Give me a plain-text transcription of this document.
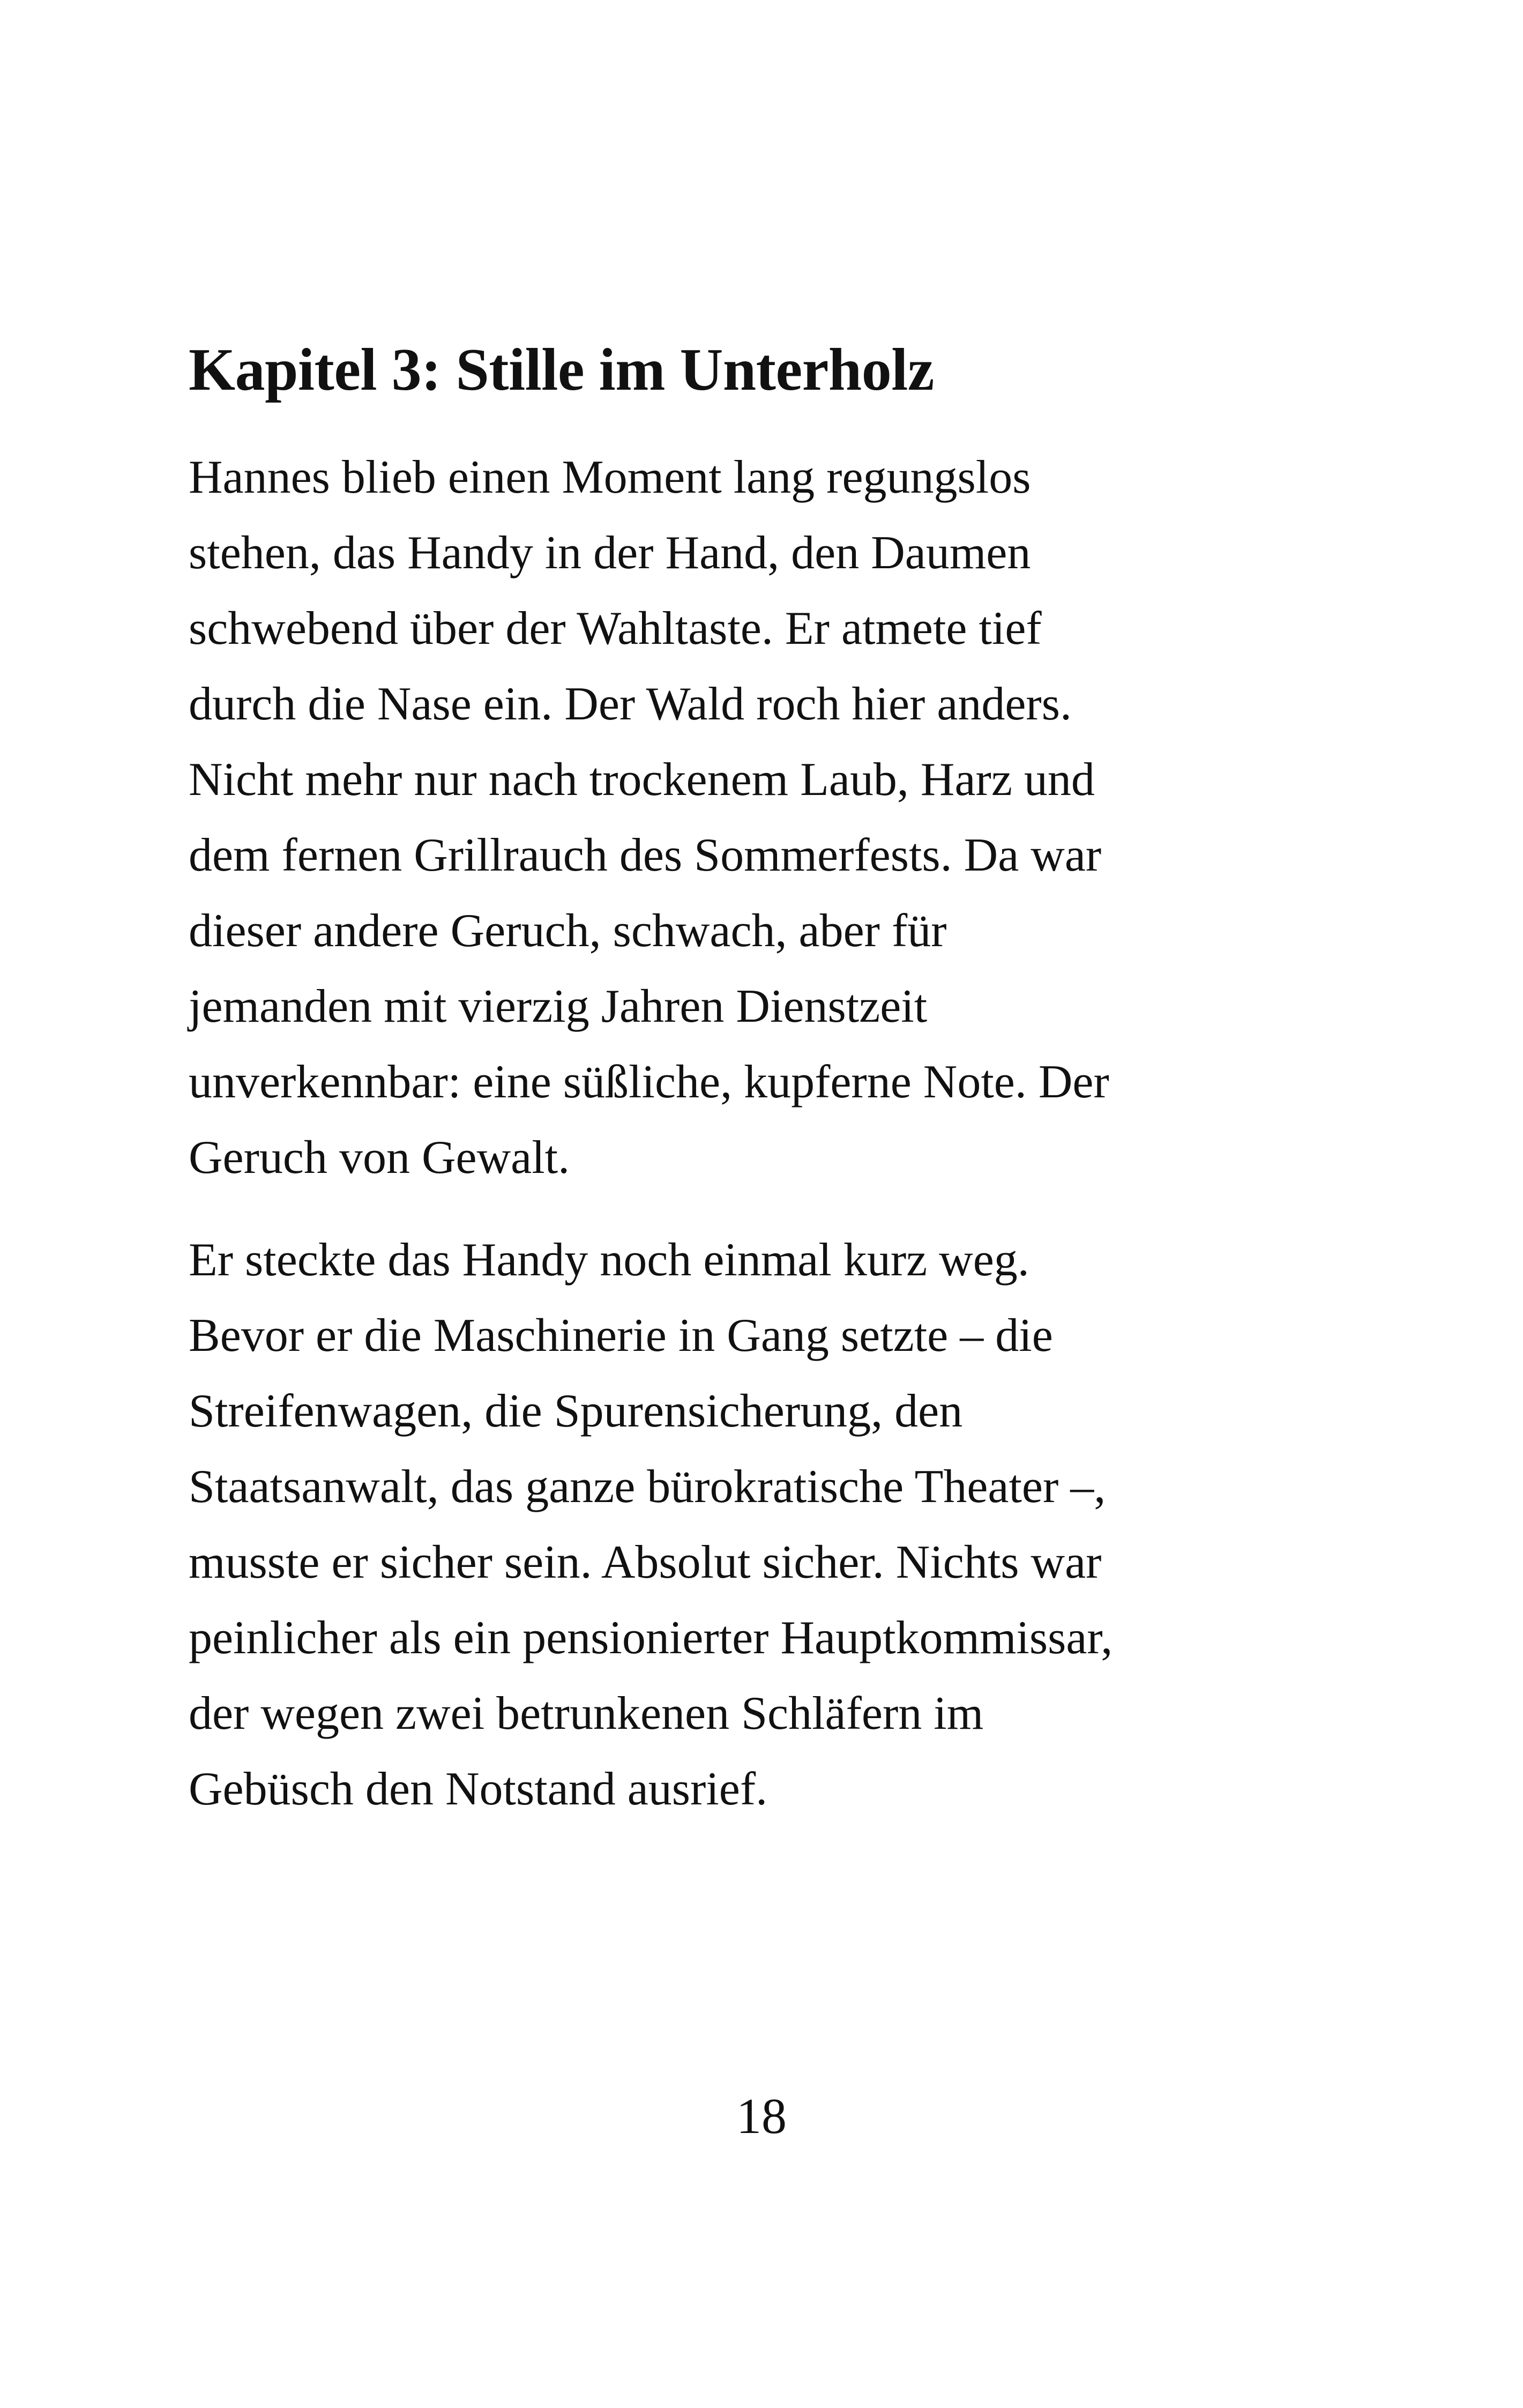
Kapitel 3: Stille im Unterholz
Hannes blieb einen Moment lang regungslos
stehen, das Handy in der Hand, den Daumen
schwebend über der Wahltaste. Er atmete tief
durch die Nase ein. Der Wald roch hier anders.
Nicht mehr nur nach trockenem Laub, Harz und
dem fernen Grillrauch des Sommerfests. Da war
dieser andere Geruch, schwach, aber für
jemanden mit vierzig Jahren Dienstzeit
unverkennbar: eine süßliche, kupferne Note. Der
Geruch von Gewalt.
Er steckte das Handy noch einmal kurz weg.
Bevor er die Maschinerie in Gang setzte – die
Streifenwagen, die Spurensicherung, den
Staatsanwalt, das ganze bürokratische Theater –,
musste er sicher sein. Absolut sicher. Nichts war
peinlicher als ein pensionierter Hauptkommissar,
der wegen zwei betrunkenen Schläfern im
Gebüsch den Notstand ausrief.
18
